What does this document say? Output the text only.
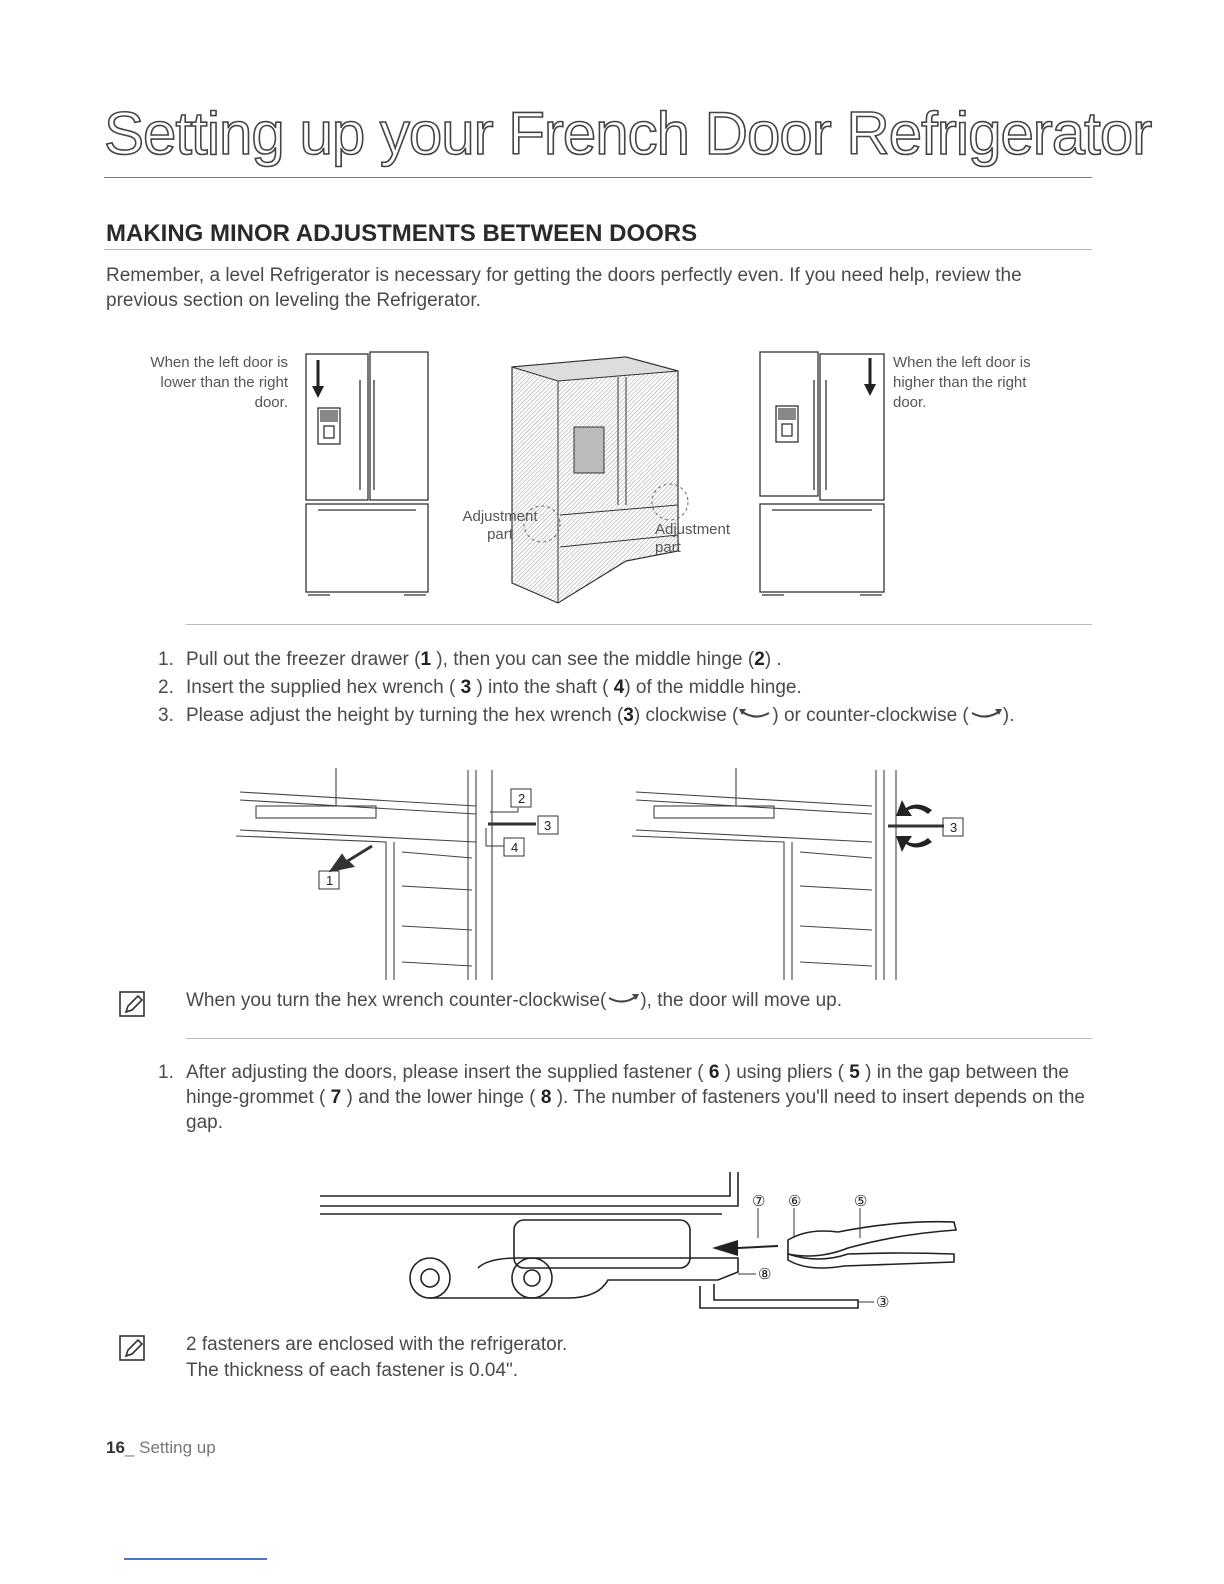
Setting up your French Door Refrigerator
MAKING MINOR ADJUSTMENTS BETWEEN DOORS

Remember, a level Refrigerator is necessary for getting the doors perfectly even. If you need help, review the previous section on leveling the Refrigerator.

When the left door is lower than the right door.
When the left door is higher than the right door.
Adjustment
part	Adjustment
part
1. Pull out the freezer drawer (1 ), then you can see the middle hinge (2) .
2. Insert the supplied hex wrench ( 3 ) into the shaft ( 4) of the middle hinge.
3. Please adjust the height by turning the hex wrench (3) clockwise ( ) or counter-clockwise ( ).
2
3
4
1
3
When you turn the hex wrench counter-clockwise( ), the door will move up.
1. After adjusting the doors, please insert the supplied fastener ( 6 ) using pliers ( 5 ) in the gap between the hinge-grommet ( 7 ) and the lower hinge ( 8 ). The number of fasteners you'll need to insert depends on the gap.
⑦ ⑥	⑤
⑧
③
2 fasteners are enclosed with the refrigerator.
The thickness of each fastener is 0.04".
16_ Setting up
